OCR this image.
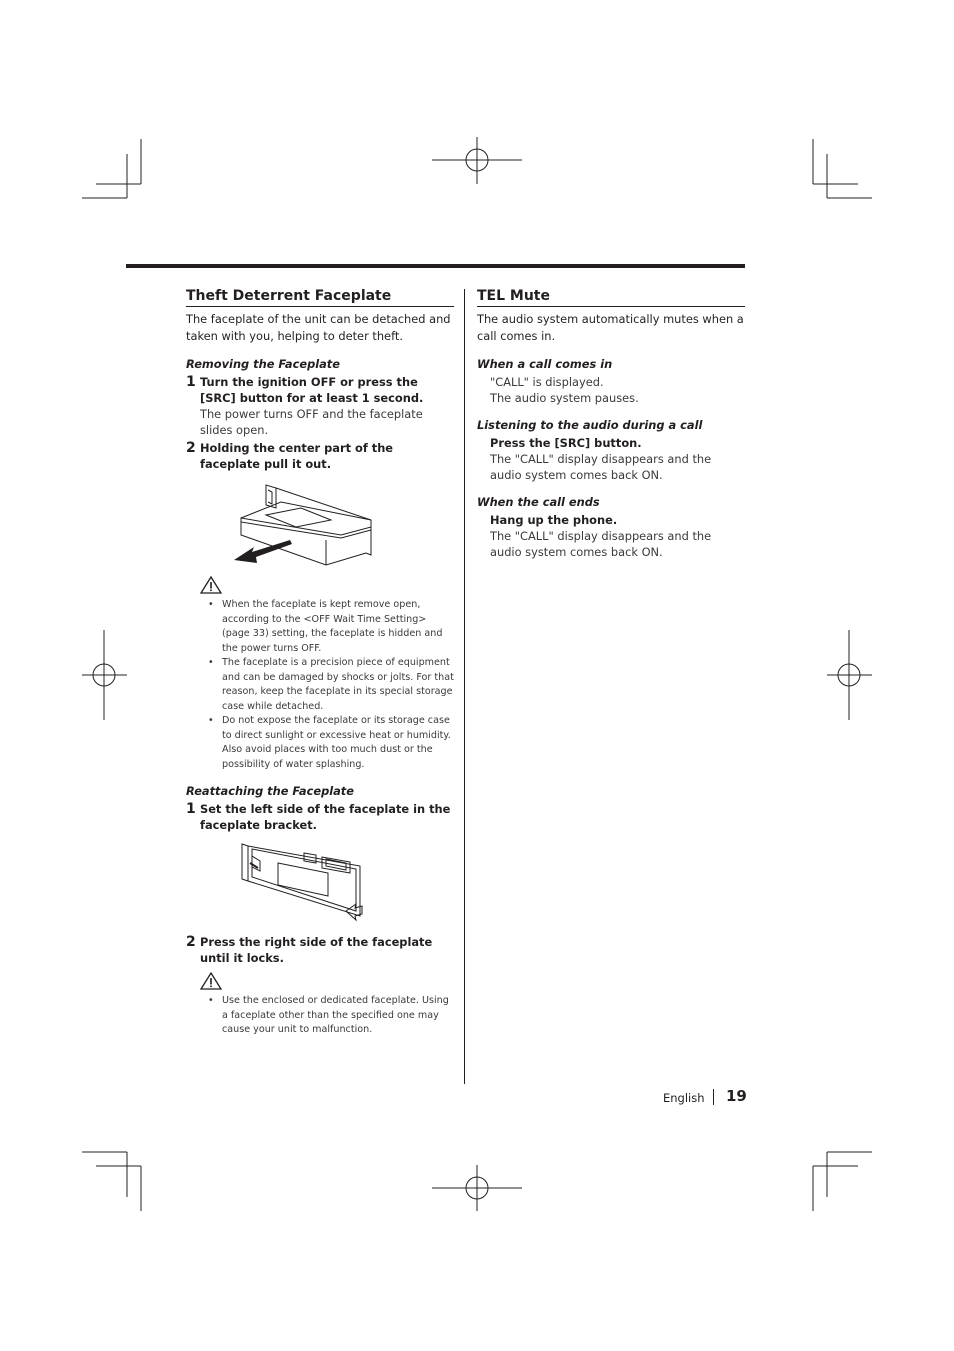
Theft Deterrent Faceplate

The faceplate of the unit can be detached and taken with you, helping to deter theft.

Removing the Faceplate
1 Turn the ignition OFF or press the [SRC] button for at least 1 second.
The power turns OFF and the faceplate slides open.
2 Holding the center part of the faceplate pull it out.
• When the faceplate is kept remove open, according to the <OFF Wait Time Setting> (page 33) setting, the faceplate is hidden and the power turns OFF.
• The faceplate is a precision piece of equipment and can be damaged by shocks or jolts. For that reason, keep the faceplate in its special storage case while detached.
• Do not expose the faceplate or its storage case to direct sunlight or excessive heat or humidity. Also avoid places with too much dust or the possibility of water splashing.
Reattaching the Faceplate
1 Set the left side of the faceplate in the faceplate bracket.
2 Press the right side of the faceplate until it locks.
• Use the enclosed or dedicated faceplate. Using a faceplate other than the specified one may cause your unit to malfunction.
TEL Mute

The audio system automatically mutes when a call comes in.

When a call comes in
"CALL" is displayed.
The audio system pauses.
Listening to the audio during a call
Press the [SRC] button.
The "CALL" display disappears and the audio system comes back ON.
When the call ends
Hang up the phone.
The "CALL" display disappears and the audio system comes back ON.
English 19
